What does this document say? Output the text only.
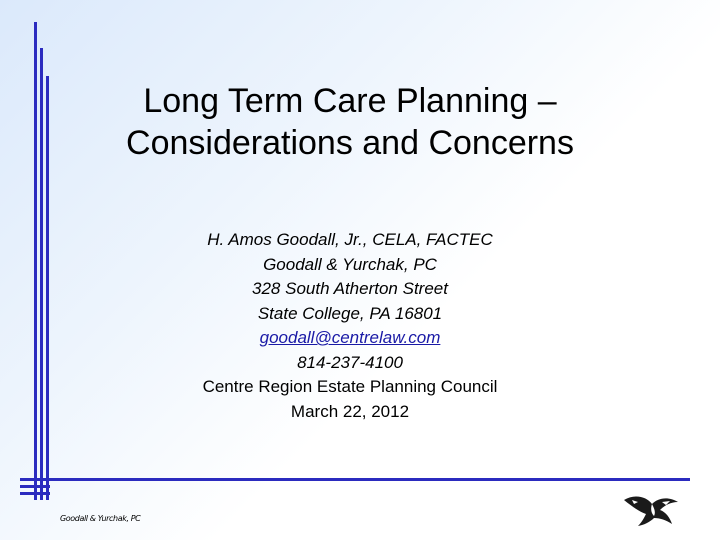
Long Term Care Planning –
Considerations and Concerns
H. Amos Goodall, Jr., CELA, FACTEC
Goodall & Yurchak, PC
328 South Atherton Street
State College, PA 16801
goodall@centrelaw.com
814-237-4100
Centre Region Estate Planning Council
March 22, 2012
Goodall & Yurchak, PC
